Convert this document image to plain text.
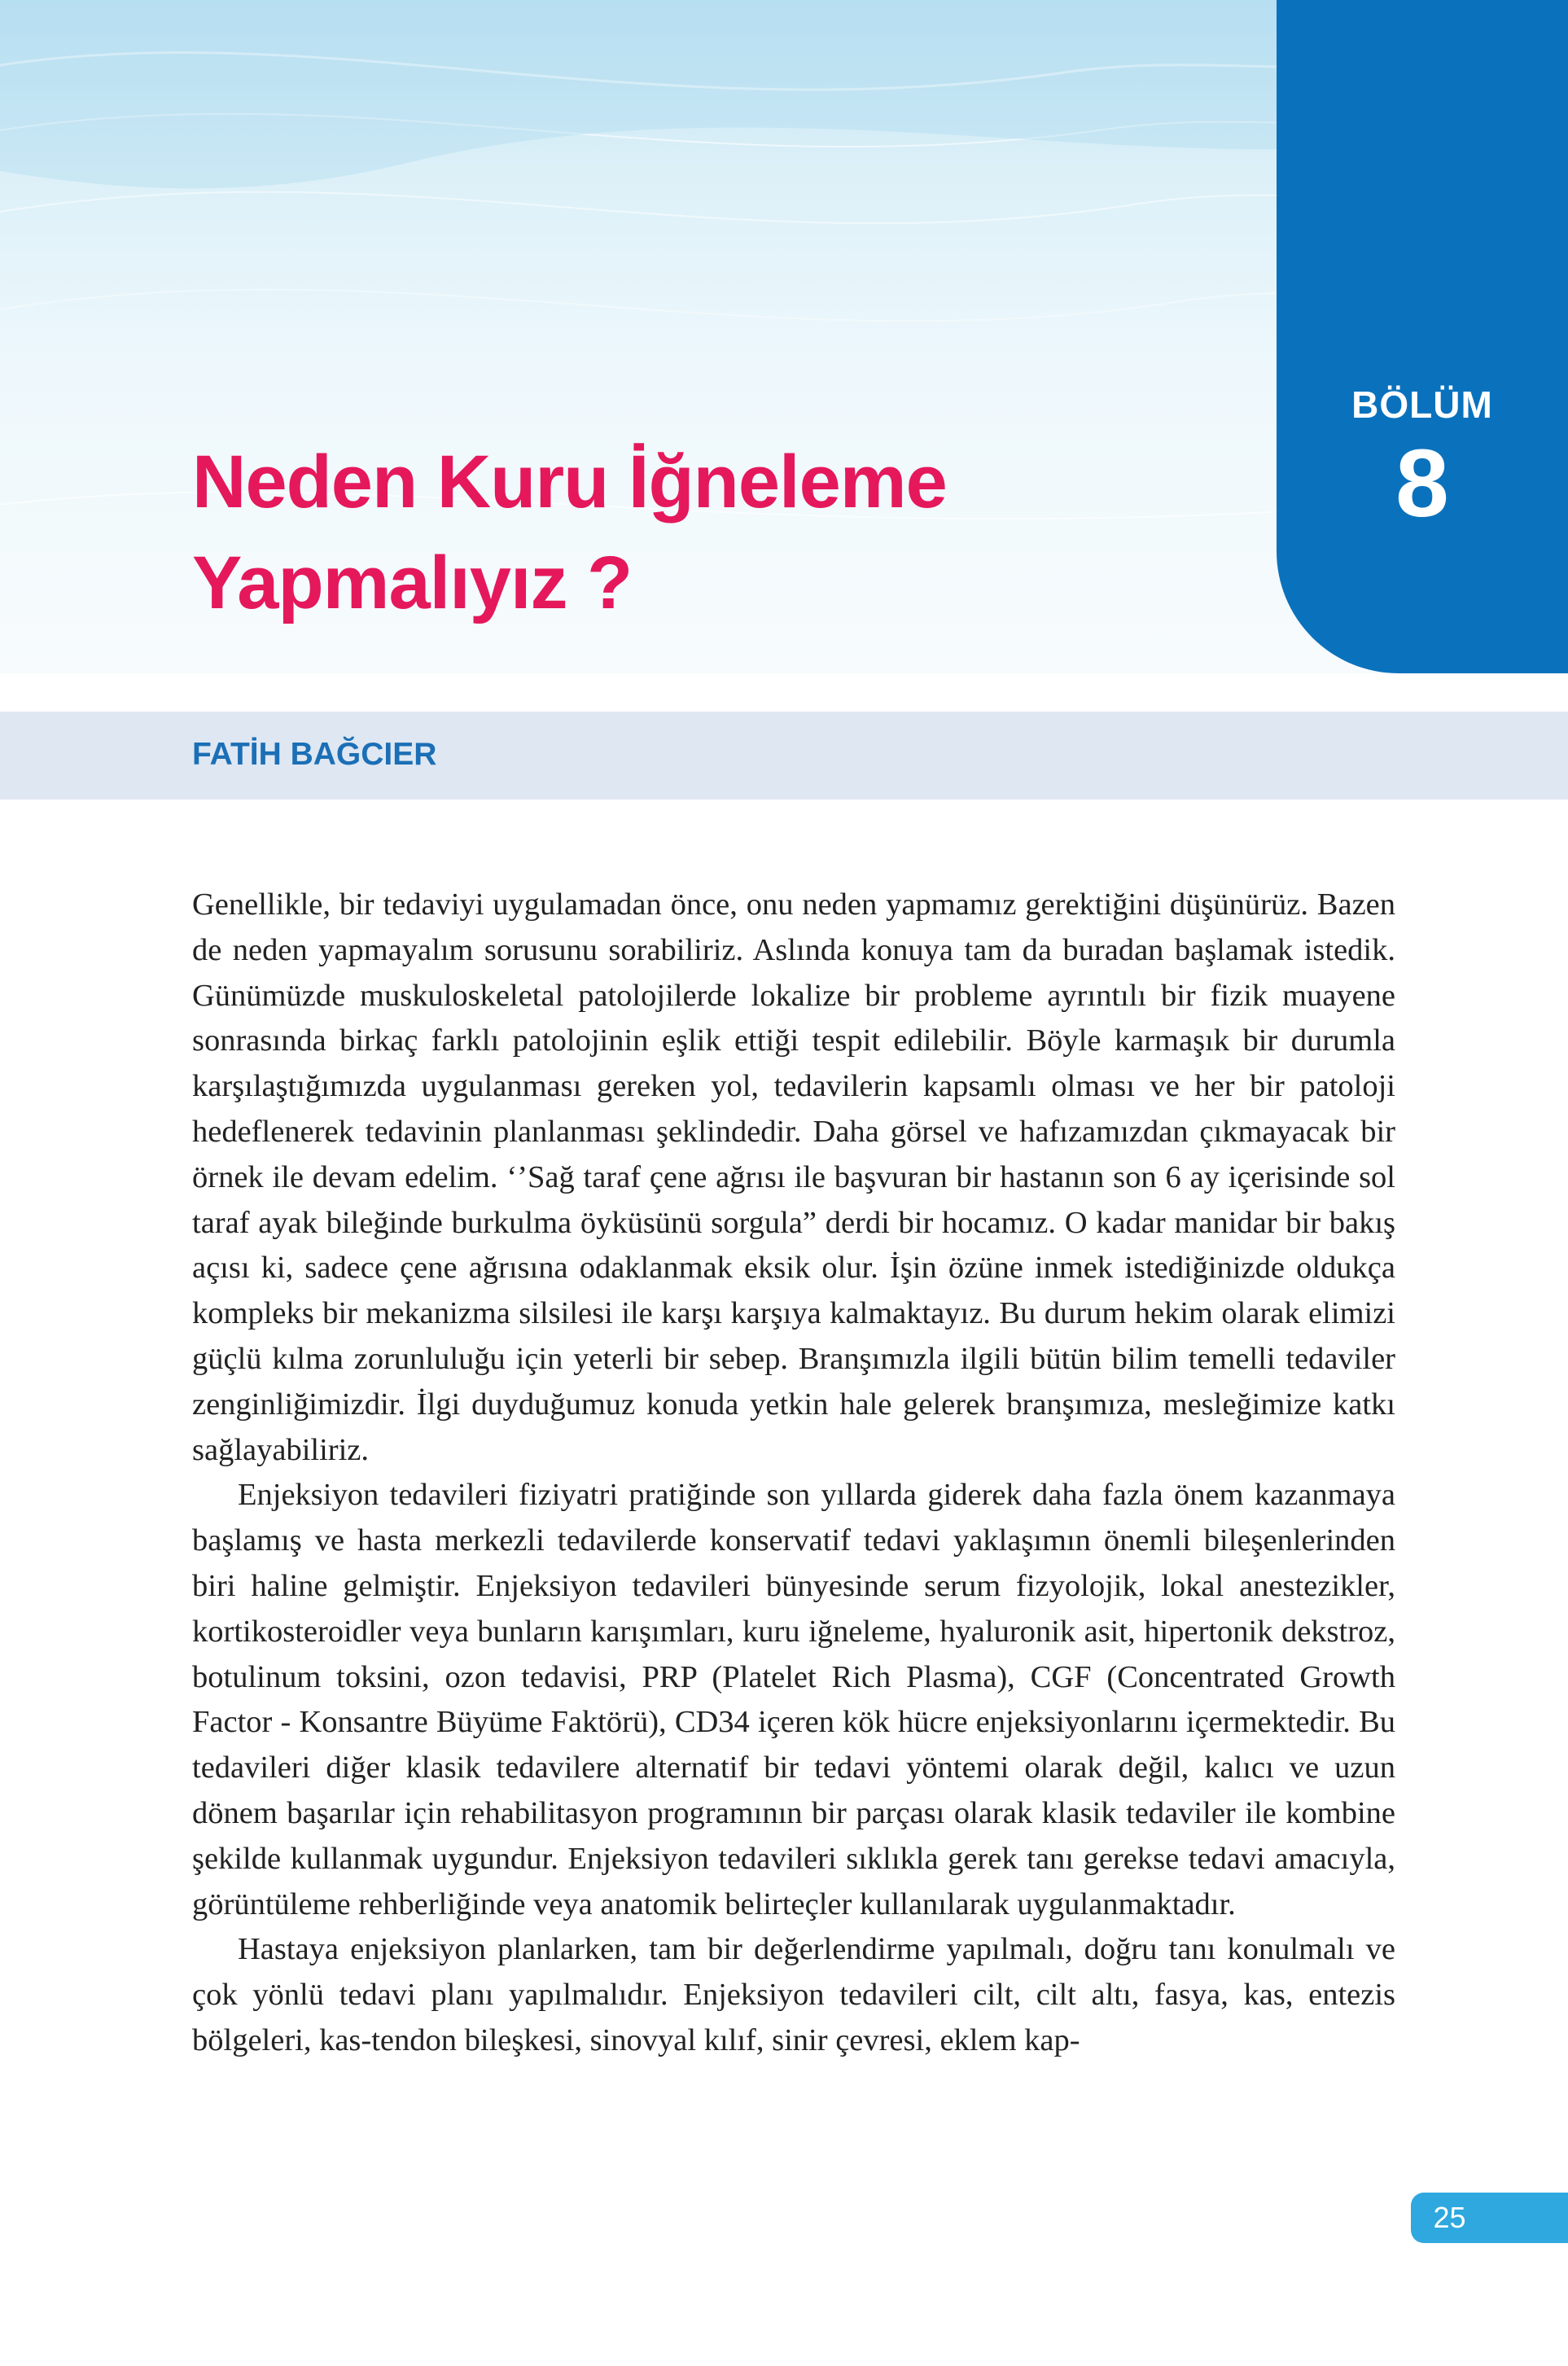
BÖLÜM
8
Neden Kuru İğneleme
Yapmalıyız ?
FATİH BAĞCIER

Genellikle, bir tedaviyi uygulamadan önce, onu neden yapmamız gerektiğini düşünürüz. Bazen de neden yapmayalım sorusunu sorabiliriz. Aslında konuya tam da buradan başlamak istedik. Günümüzde muskuloskeletal patolojilerde lokalize bir probleme ayrıntılı bir fizik muayene sonrasında birkaç farklı patolojinin eşlik ettiği tespit edilebilir. Böyle karmaşık bir durumla karşılaştığımızda uygulanması gereken yol, tedavilerin kapsamlı olması ve her bir patoloji hedeflenerek tedavinin planlanması şeklindedir. Daha görsel ve hafızamızdan çıkmayacak bir örnek ile devam edelim. ‘’Sağ taraf çene ağrısı ile başvuran bir hastanın son 6 ay içerisinde sol taraf ayak bileğinde burkulma öyküsünü sorgula” derdi bir hocamız. O kadar manidar bir bakış açısı ki, sadece çene ağrısına odaklanmak eksik olur. İşin özüne inmek istediğinizde oldukça kompleks bir mekanizma silsilesi ile karşı karşıya kalmaktayız. Bu durum hekim olarak elimizi güçlü kılma zorunluluğu için yeterli bir sebep. Branşımızla ilgili bütün bilim temelli tedaviler zenginliğimizdir. İlgi duyduğumuz konuda yetkin hale gelerek branşımıza, mesleğimize katkı sağlayabiliriz.

Enjeksiyon tedavileri fiziyatri pratiğinde son yıllarda giderek daha fazla önem kazanmaya başlamış ve hasta merkezli tedavilerde konservatif tedavi yaklaşımın önemli bileşenlerinden biri haline gelmiştir. Enjeksiyon tedavileri bünyesinde serum fizyolojik, lokal anestezikler, kortikosteroidler veya bunların karışımları, kuru iğneleme, hyaluronik asit, hipertonik dekstroz, botulinum toksini, ozon tedavisi, PRP (Platelet Rich Plasma), CGF (Concentrated Growth Factor - Konsantre Büyüme Faktörü), CD34 içeren kök hücre enjeksiyonlarını içermektedir. Bu tedavileri diğer klasik tedavilere alternatif bir tedavi yöntemi olarak değil, kalıcı ve uzun dönem başarılar için rehabilitasyon programının bir parçası olarak klasik tedaviler ile kombine şekilde kullanmak uygundur. Enjeksiyon tedavileri sıklıkla gerek tanı gerekse tedavi amacıyla, görüntüleme rehberliğinde veya anatomik belirteçler kullanılarak uygulanmaktadır.

Hastaya enjeksiyon planlarken, tam bir değerlendirme yapılmalı, doğru tanı konulmalı ve çok yönlü tedavi planı yapılmalıdır. Enjeksiyon tedavileri cilt, cilt altı, fasya, kas, entezis bölgeleri, kas-tendon bileşkesi, sinovyal kılıf, sinir çevresi, eklem kap-

25
